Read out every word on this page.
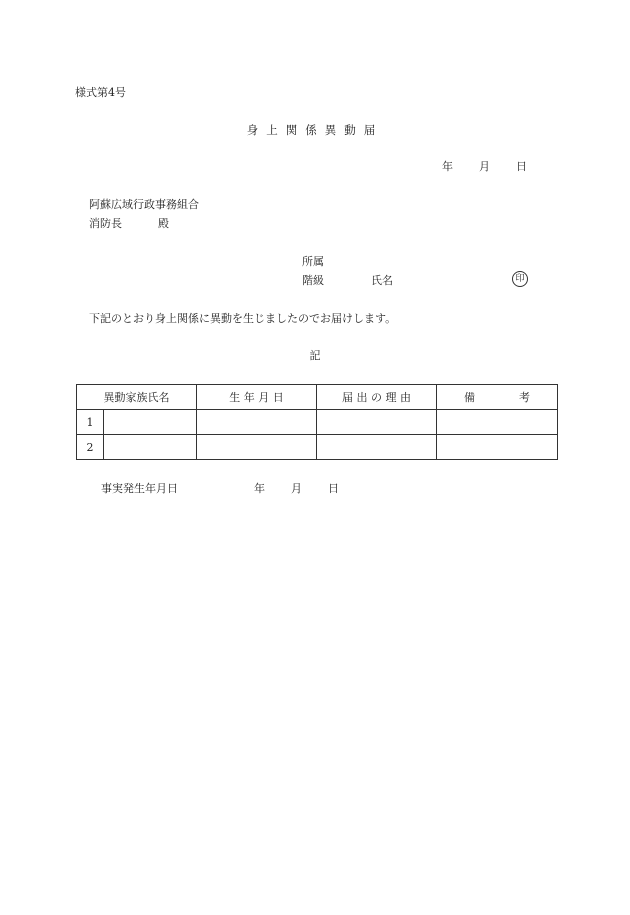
様式第4号
身上関係異動届
年 月 日
阿蘇広域行政事務組合
消防長	殿
所属
階級	氏名	印
下記のとおり身上関係に異動を生じましたのでお届けします。
記
異動家族氏名		生 年 月 日	届 出 の 理 由	備　　　　考
1				
2				
事実発生年月日	年 月 日
